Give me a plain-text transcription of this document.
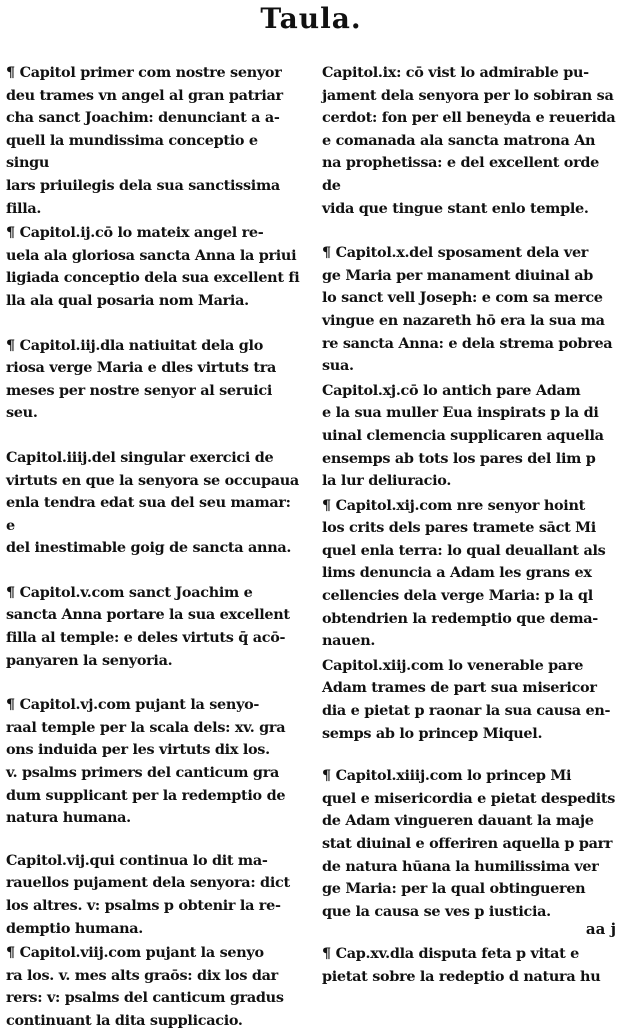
Taula.

¶ Capitol primer com nostre senyor
deu trames vn angel al gran patriar
cha sanct Joachim: denunciant a a-
quell la mundissima conceptio e singu
lars priuilegis dela sua sanctissima
filla.

¶ Capitol.ij.cō lo mateix angel re-
uela ala gloriosa sancta Anna la priui
ligiada conceptio dela sua excellent fi
lla ala qual posaria nom Maria.

¶ Capitol.iij.dla natiuitat dela glo
riosa verge Maria e dles virtuts tra
meses per nostre senyor al seruici seu.

Capitol.iiij.del singular exercici de
virtuts en que la senyora se occupaua
enla tendra edat sua del seu mamar: e
del inestimable goig de sancta anna.

¶ Capitol.v.com sanct Joachim e
sancta Anna portare la sua excellent
filla al temple: e deles virtuts q̄ acō-
panyaren la senyoria.

¶ Capitol.vj.com pujant la senyo-
raal temple per la scala dels: xv. gra
ons induida per les virtuts dix los.
v. psalms primers del canticum gra
dum supplicant per la redemptio de
natura humana.

Capitol.vij.qui continua lo dit ma-
rauellos pujament dela senyora: dict
los altres. v: psalms p obtenir la re-
demptio humana.

¶ Capitol.viij.com pujant la senyo
ra los. v. mes alts graōs: dix los dar
rers: v: psalms del canticum gradus
continuant la dita supplicacio.

Capitol.ix: cō vist lo admirable pu-
jament dela senyora per lo sobiran sa
cerdot: fon per ell beneyda e reuerida
e comanada ala sancta matrona An
na prophetissa: e del excellent orde de
vida que tingue stant enlo temple.

¶ Capitol.x.del sposament dela ver
ge Maria per manament diuinal ab
lo sanct vell Joseph: e com sa merce
vingue en nazareth hō era la sua ma
re sancta Anna: e dela strema pobrea
sua.

Capitol.xj.cō lo antich pare Adam
e la sua muller Eua inspirats p la di
uinal clemencia supplicaren aquella
ensemps ab tots los pares del lim p
la lur deliuracio.

¶ Capitol.xij.com nre senyor hoint
los crits dels pares tramete sāct Mi
quel enla terra: lo qual deuallant als
lims denuncia a Adam les grans ex
cellencies dela verge Maria: p la ql
obtendrien la redemptio que dema-
nauen.

Capitol.xiij.com lo venerable pare
Adam trames de part sua misericor
dia e pietat p raonar la sua causa en-
semps ab lo princep Miquel.

¶ Capitol.xiiij.com lo princep Mi
quel e misericordia e pietat despedits
de Adam vingueren dauant la maje
stat diuinal e offeriren aquella p parr
de natura hūana la humilissima ver
ge Maria: per la qual obtingueren
que la causa se ves p iusticia.

¶ Cap.xv.dla disputa feta p vitat e
pietat sobre la redeptio d natura hu

aa j
